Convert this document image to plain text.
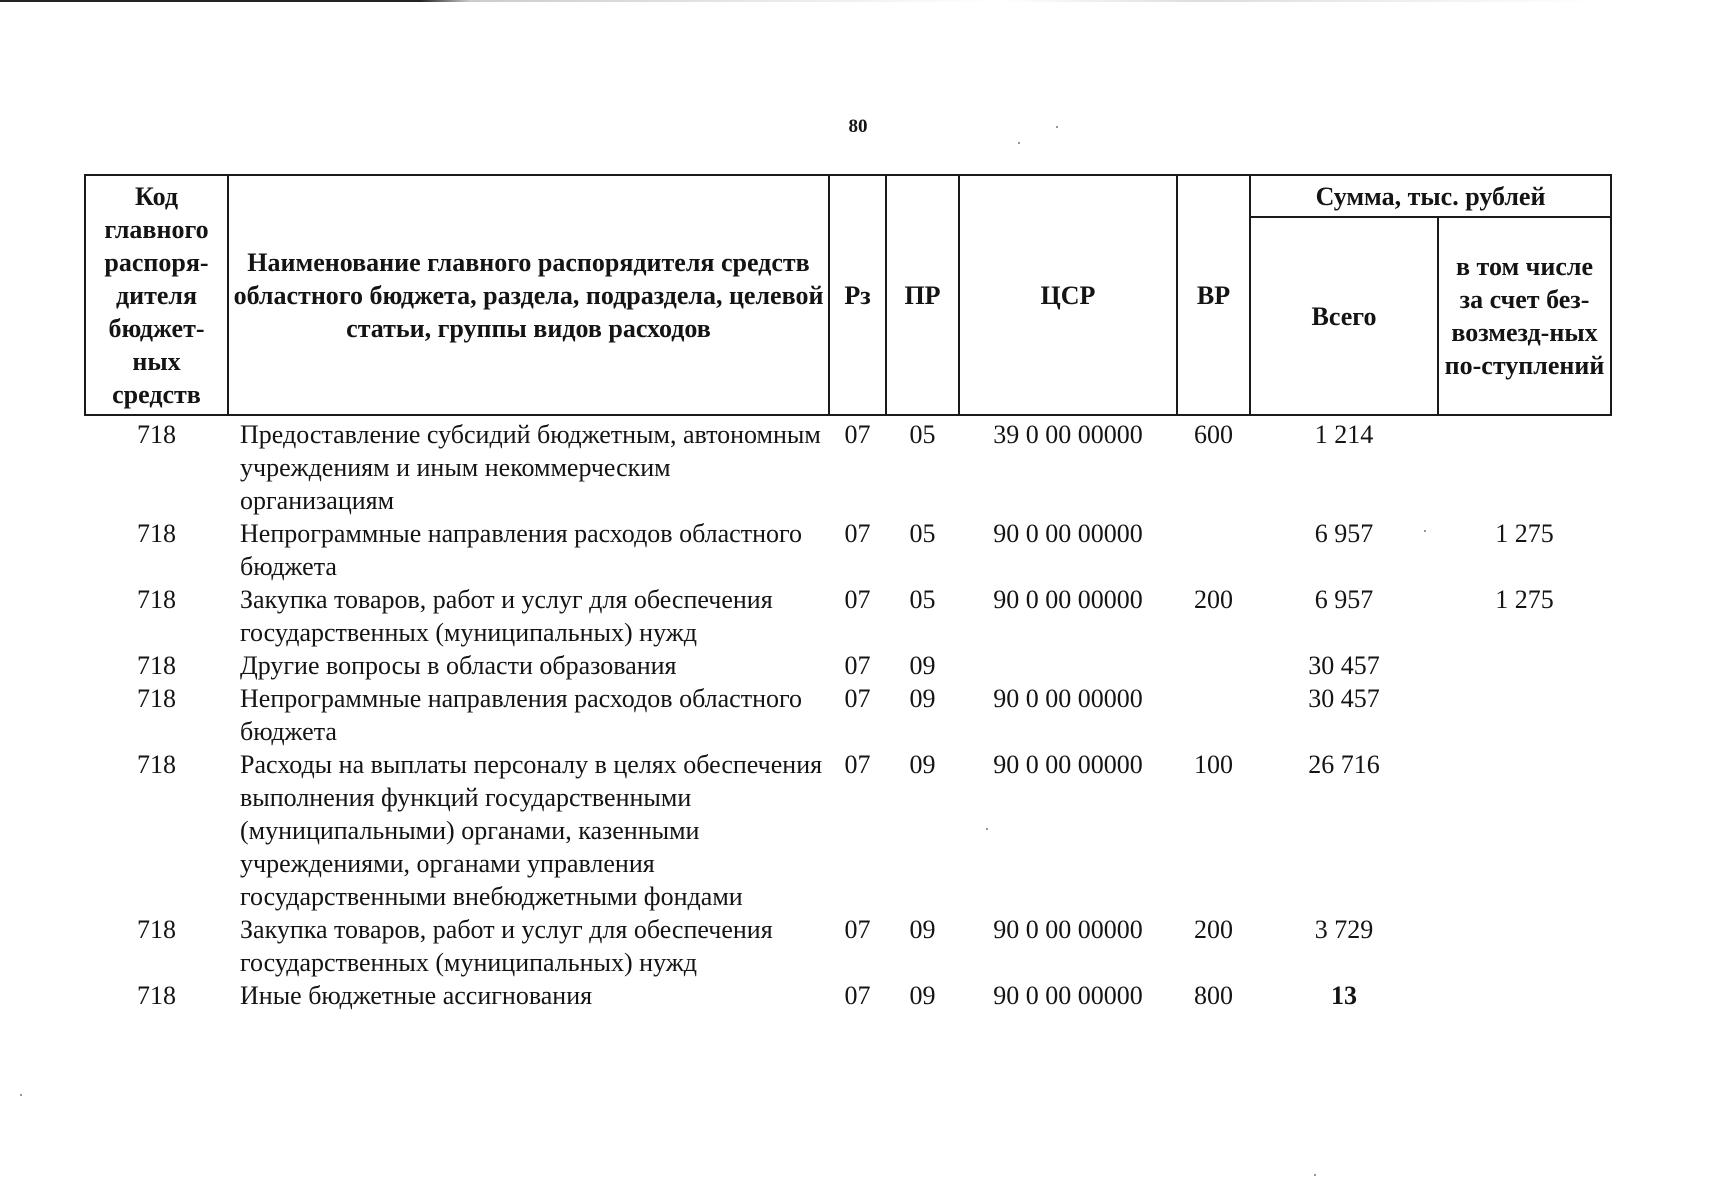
80
Код главного распоря-дителя бюджет-ных средств	Наименование главного распорядителя средств областного бюджета, раздела, подраздела, целевой статьи, группы видов расходов	Рз	ПР	ЦСР	ВР	Сумма, тыс. рублей	
						Всего	в том числе за счет без-возмезд-ных по-ступлений
718	Предоставление субсидий бюджетным, автономным учреждениям и иным некоммерческим организациям	07	05	39 0 00 00000	600	1 214	
718	Непрограммные направления расходов областного бюджета	07	05	90 0 00 00000		6 957	1 275
718	Закупка товаров, работ и услуг для обеспечения государственных (муниципальных) нужд	07	05	90 0 00 00000	200	6 957	1 275
718	Другие вопросы в области образования	07	09			30 457	
718	Непрограммные направления расходов областного бюджета	07	09	90 0 00 00000		30 457	
718	Расходы на выплаты персоналу в целях обеспечения выполнения функций государственными (муниципальными) органами, казенными учреждениями, органами управления государственными внебюджетными фондами	07	09	90 0 00 00000	100	26 716	
718	Закупка товаров, работ и услуг для обеспечения государственных (муниципальных) нужд	07	09	90 0 00 00000	200	3 729	
718	Иные бюджетные ассигнования	07	09	90 0 00 00000	800	13	
